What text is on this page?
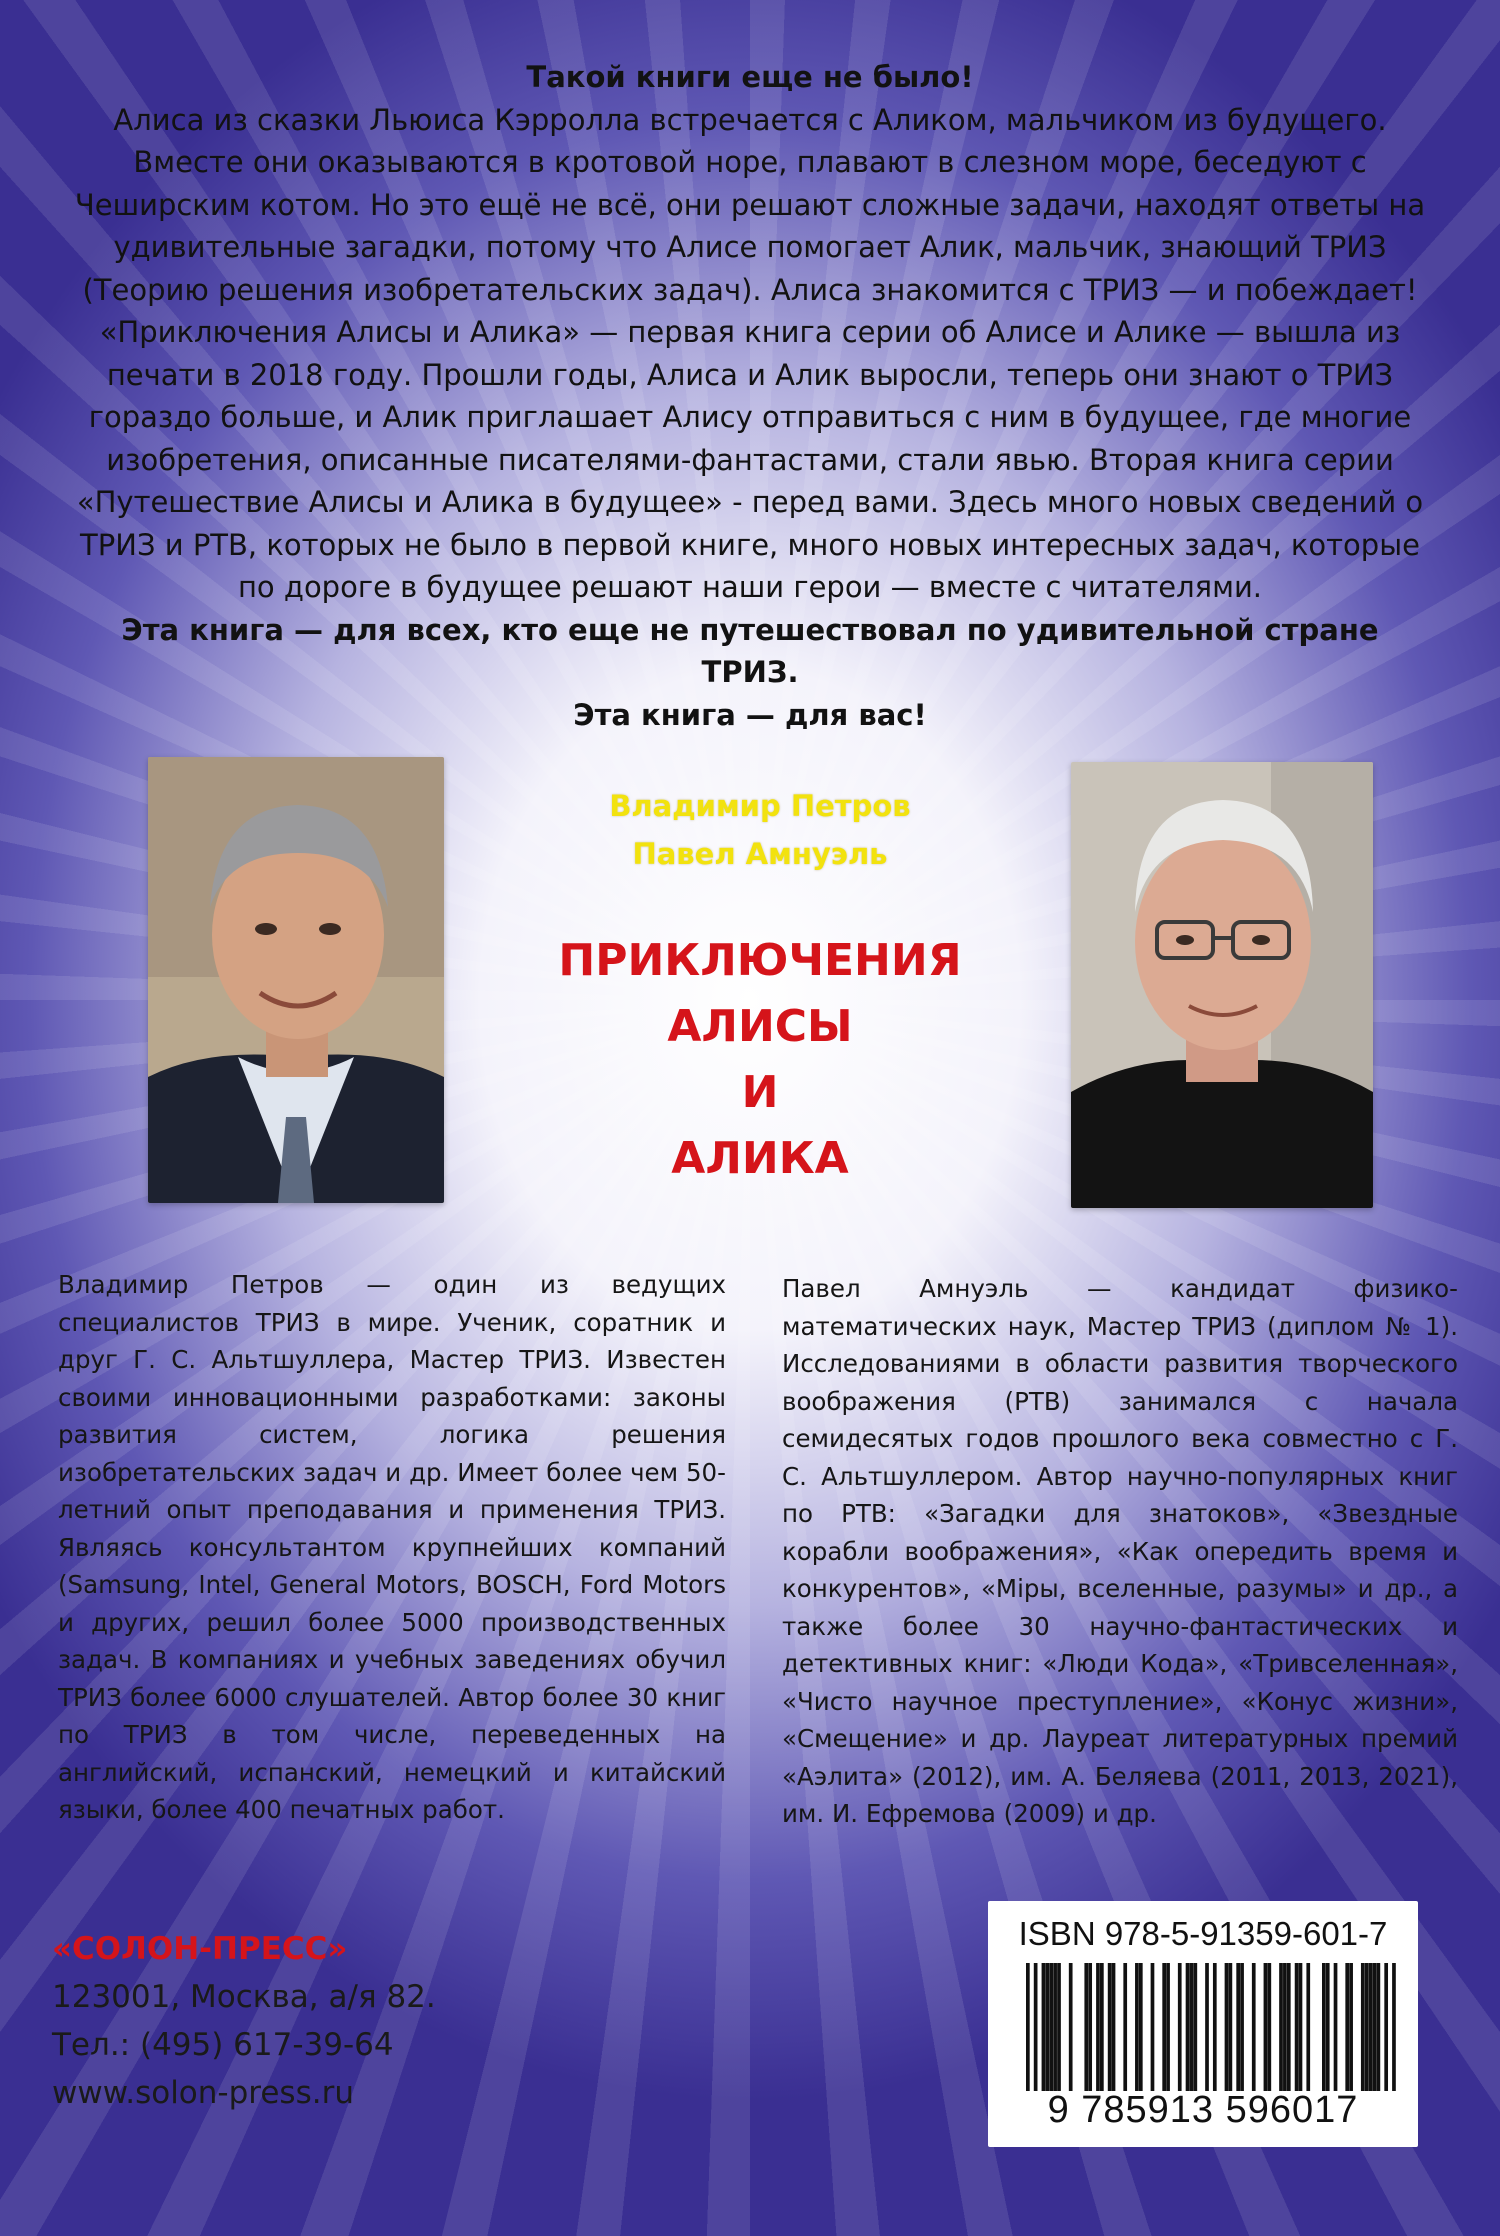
Такой книги еще не было!

Алиса из сказки Льюиса Кэрролла встречается с Аликом, мальчиком из будущего. Вместе они оказываются в кротовой норе, плавают в слезном море, беседуют с Чеширским котом. Но это ещё не всё, они решают сложные задачи, находят ответы на удивительные загадки, потому что Алисе помогает Алик, мальчик, знающий ТРИЗ (Теорию решения изобретательских задач). Алиса знакомится с ТРИЗ — и побеждает!

«Приключения Алисы и Алика» — первая книга серии об Алисе и Алике — вышла из печати в 2018 году. Прошли годы, Алиса и Алик выросли, теперь они знают о ТРИЗ гораздо больше, и Алик приглашает Алису отправиться с ним в будущее, где многие изобретения, описанные писателями-фантастами, стали явью. Вторая книга серии «Путешествие Алисы и Алика в будущее» - перед вами. Здесь много новых сведений о ТРИЗ и РТВ, которых не было в первой книге, много новых интересных задач, которые по дороге в будущее решают наши герои — вместе с читателями.

Эта книга — для всех, кто еще не путешествовал по удивительной стране ТРИЗ.

Эта книга — для вас!

Владимир Петров
Павел Амнуэль
ПРИКЛЮЧЕНИЯ
АЛИСЫ
И
АЛИКА

Владимир Петров — один из ведущих специалистов ТРИЗ в мире. Ученик, соратник и друг Г. С. Альтшуллера, Мастер ТРИЗ. Известен своими инновационными разработками: законы развития систем, логика решения изобретательских задач и др. Имеет более чем 50-летний опыт преподавания и применения ТРИЗ. Являясь консультантом крупнейших компаний (Samsung, Intel, General Motors, BOSCH, Ford Motors и других, решил более 5000 производственных задач. В компаниях и учебных заведениях обучил ТРИЗ более 6000 слушателей. Автор более 30 книг по ТРИЗ в том числе, переведенных на английский, испанский, немецкий и китайский языки, более 400 печатных работ.

Павел Амнуэль — кандидат физико-математических наук, Мастер ТРИЗ (диплом № 1). Исследованиями в области развития творческого воображения (РТВ) занимался с начала семидесятых годов прошлого века совместно с Г. С. Альтшуллером. Автор научно-популярных книг по РТВ: «Загадки для знатоков», «Звездные корабли воображения», «Как опередить время и конкурентов», «Міры, вселенные, разумы» и др., а также более 30 научно-фантастических и детективных книг: «Люди Кода», «Тривселенная», «Чисто научное преступление», «Конус жизни», «Смещение» и др. Лауреат литературных премий «Аэлита» (2012), им. А. Беляева (2011, 2013, 2021), им. И. Ефремова (2009) и др.

«СОЛОН-ПРЕСС»
123001, Москва, а/я 82.
Тел.: (495) 617-39-64
www.solon-press.ru
ISBN 978-5-91359-601-7
9 785913 596017
